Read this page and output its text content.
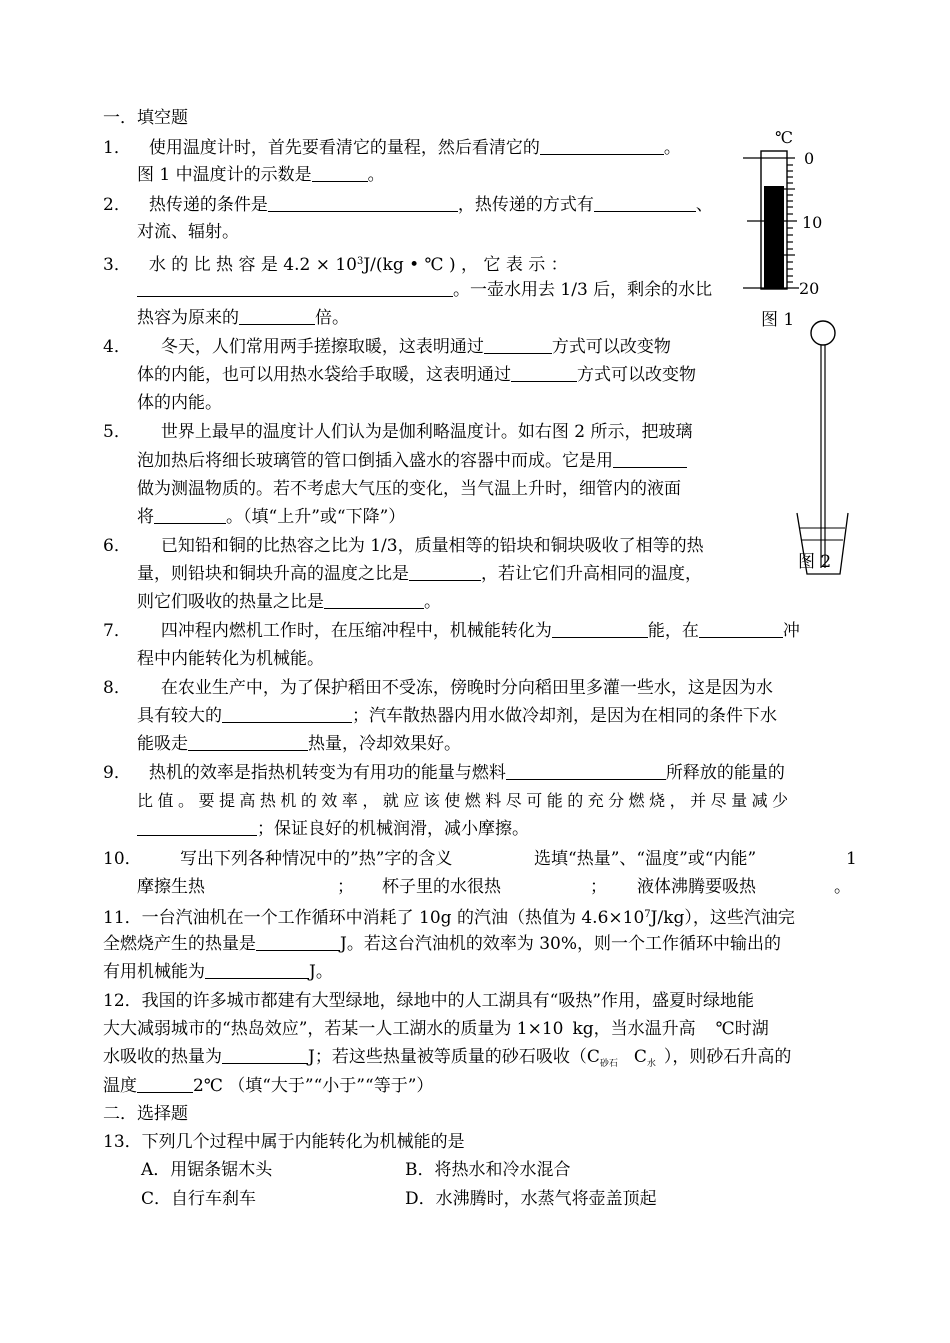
一．填空题
1． 使用温度计时，首先要看清它的量程，然后看清它的	。
图 1 中温度计的示数是	。
2． 热传递的条件是	，热传递的方式有	、
对流、辐射。
3． 水 的 比 热 容 是 $4.2 \times 10^3J/(kg$ • ℃ ) ， 它 表 示 ：
。一壶水用去 1/3 后，剩余的水比
热容为原来的	倍。
4． 冬天，人们常用两手搓擦取暖，这表明通过	方式可以改变物
体的内能，也可以用热水袋给手取暖，这表明通过	方式可以改变物
体的内能。
5． 世界上最早的温度计人们认为是伽利略温度计。如右图 2 所示，把玻璃
泡加热后将细长玻璃管的管口倒插入盛水的容器中而成。它是用
做为测温物质的。若不考虑大气压的变化，当气温上升时，细管内的液面
将	。（填“上升”或“下降”）
6． 已知铅和铜的比热容之比为 1/3，质量相等的铅块和铜块吸收了相等的热
量，则铅块和铜块升高的温度之比是	，若让它们升高相同的温度，
则它们吸收的热量之比是	。
7． 四冲程内燃机工作时，在压缩冲程中，机械能转化为	能，在	冲
程中内能转化为机械能。
8． 在农业生产中，为了保护稻田不受冻，傍晚时分向稻田里多灌一些水，这是因为水
具有较大的	；汽车散热器内用水做冷却剂，是因为在相同的条件下水
能吸走	热量，冷却效果好。
9． 热机的效率是指热机转变为有用功的能量与燃料	所释放的能量的
比 值 。 要 提 高 热 机 的 效 率 ， 就 应 该 使 燃 料 尽 可 能 的 充 分 燃 烧 ， 并 尽 量 减 少
；保证良好的机械润滑，减小摩擦。
10． 写出下列各种情况中的”热”字的含义	选填“热量”、“温度”或“内能”	1
摩擦生热	； 杯子里的水很热	； 液体沸腾要吸热	。
11．一台汽油机在一个工作循环中消耗了 10g 的汽油（热值为 $4.6\times 10^7J/kg$），这些汽油完
全燃烧产生的热量是	J。若这台汽油机的效率为 30%，则一个工作循环中输出的
有用机械能为	J。
12．我国的许多城市都建有大型绿地，绿地中的人工湖具有“吸热”作用，盛夏时绿地能
大大减弱城市的“热岛效应”，若某一人工湖水的质量为 1×10 kg，当水温升高 ℃时湖
水吸收的热量为	J；若这些热量被等质量的砂石吸收（$C_{砂石}$ $C_水$ ），则砂石升高的
温度	2℃ （填“大于”“小于”“等于”）
二．选择题
13．下列几个过程中属于内能转化为机械能的是
A．用锯条锯木头	B．将热水和冷水混合
C．自行车刹车	D．水沸腾时，水蒸气将壶盖顶起
℃
0
10
20
图 1
图 2
